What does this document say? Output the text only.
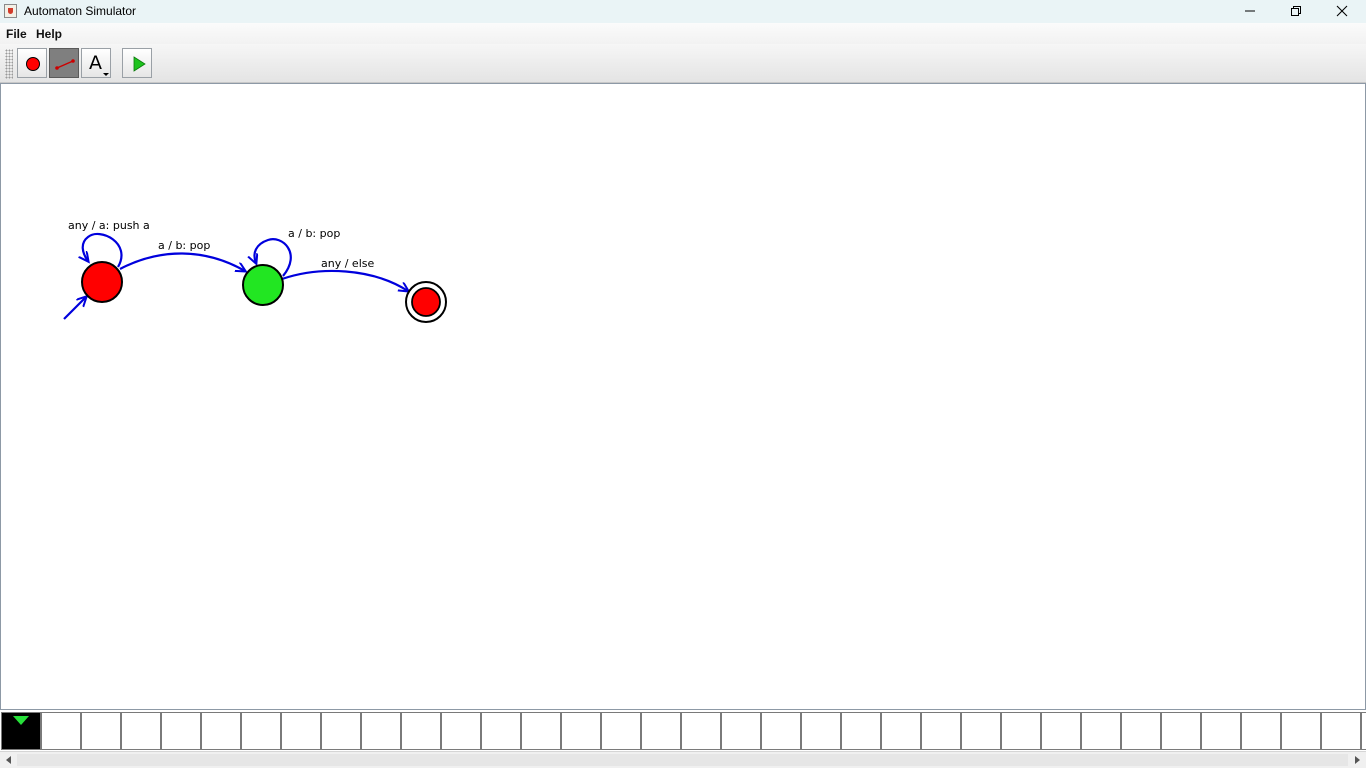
Automaton Simulator
File Help
A
any / a: push a
a / b: pop
a / b: pop
any / else
